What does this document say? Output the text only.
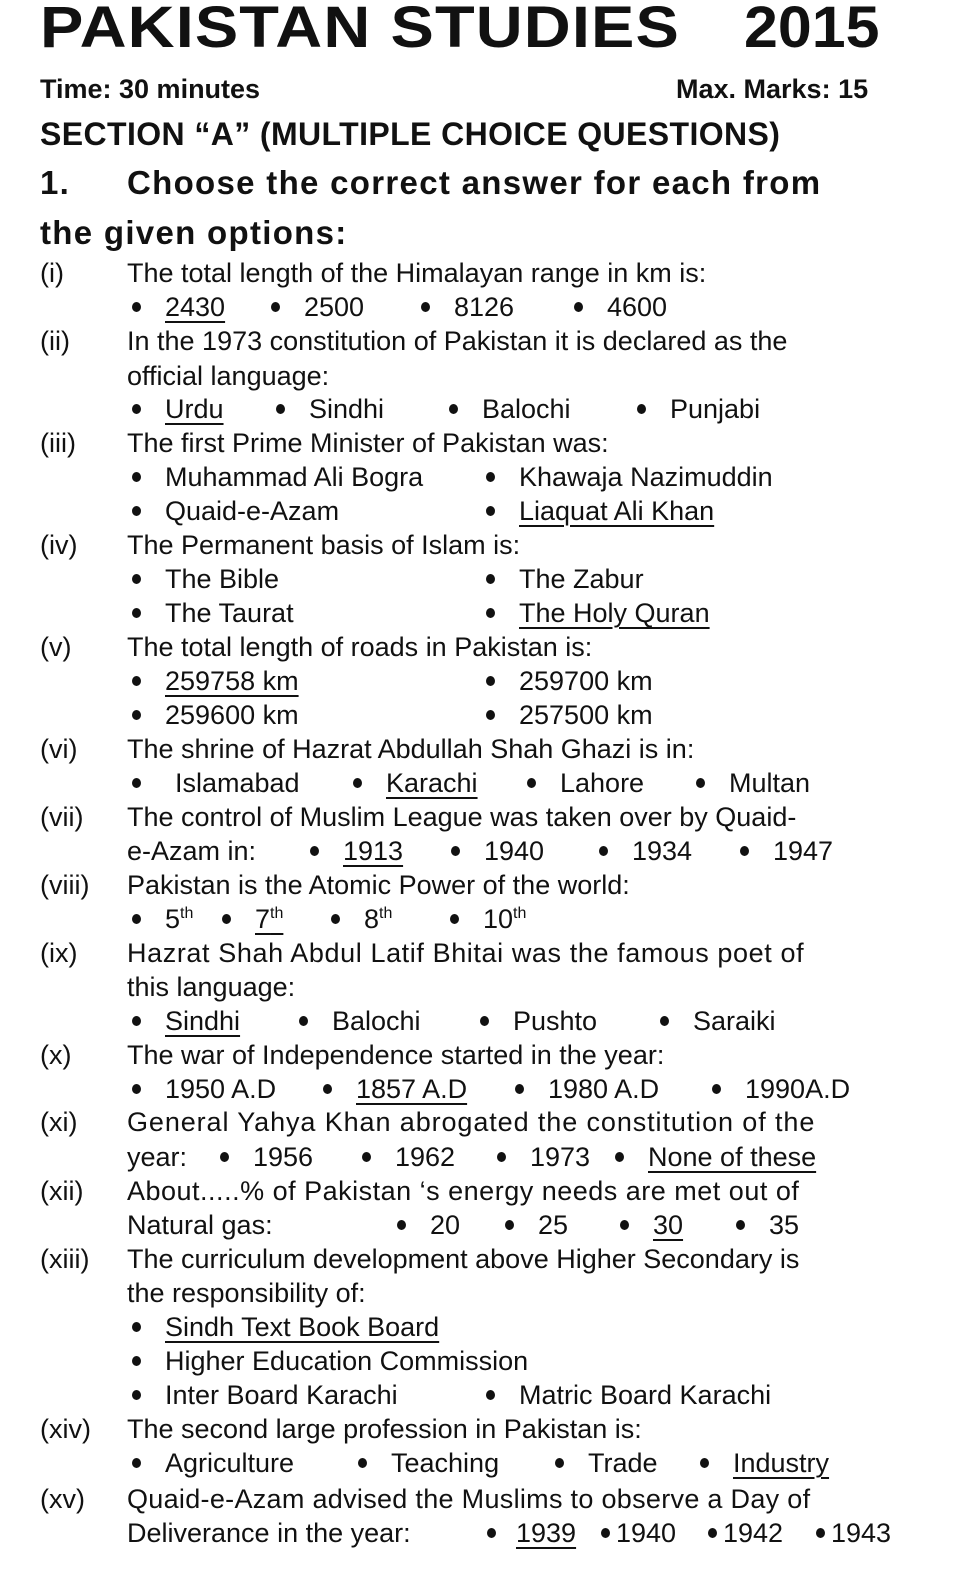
PAKISTAN STUDIES 2015
Time: 30 minutes	Max. Marks: 15
SECTION “A” (MULTIPLE CHOICE QUESTIONS)
1. Choose the correct answer for each from
the given options:
(i) The total length of the Himalayan range in km is:
2430	2500	8126	4600
(ii) In the 1973 constitution of Pakistan it is declared as the
official language:
Urdu	Sindhi	Balochi	Punjabi
(iii) The first Prime Minister of Pakistan was:
Muhammad Ali Bogra	Khawaja Nazimuddin
Quaid-e-Azam	Liaquat Ali Khan
(iv) The Permanent basis of Islam is:
The Bible	The Zabur
The Taurat	The Holy Quran
(v) The total length of roads in Pakistan is:
259758 km	259700 km
259600 km	257500 km
(vi) The shrine of Hazrat Abdullah Shah Ghazi is in:
Islamabad	Karachi	Lahore	Multan
(vii) The control of Muslim League was taken over by Quaid-
e-Azam in:	1913	1940	1934	1947
(viii) Pakistan is the Atomic Power of the world:
5th	7th	8th	10th
(ix) Hazrat Shah Abdul Latif Bhitai was the famous poet of
this language:
Sindhi	Balochi	Pushto	Saraiki
(x) The war of Independence started in the year:
1950 A.D	1857 A.D	1980 A.D	1990A.D
(xi) General Yahya Khan abrogated the constitution of the
year:	1956	1962	1973	None of these
(xii) About.....% of Pakistan ‘s energy needs are met out of
Natural gas:	20	25	30	35
(xiii) The curriculum development above Higher Secondary is
the responsibility of:
Sindh Text Book Board
Higher Education Commission
Inter Board Karachi	Matric Board Karachi
(xiv) The second large profession in Pakistan is:
Agriculture	Teaching	Trade	Industry
(xv) Quaid-e-Azam advised the Muslims to observe a Day of
Deliverance in the year:	1939	1940	1942	1943
